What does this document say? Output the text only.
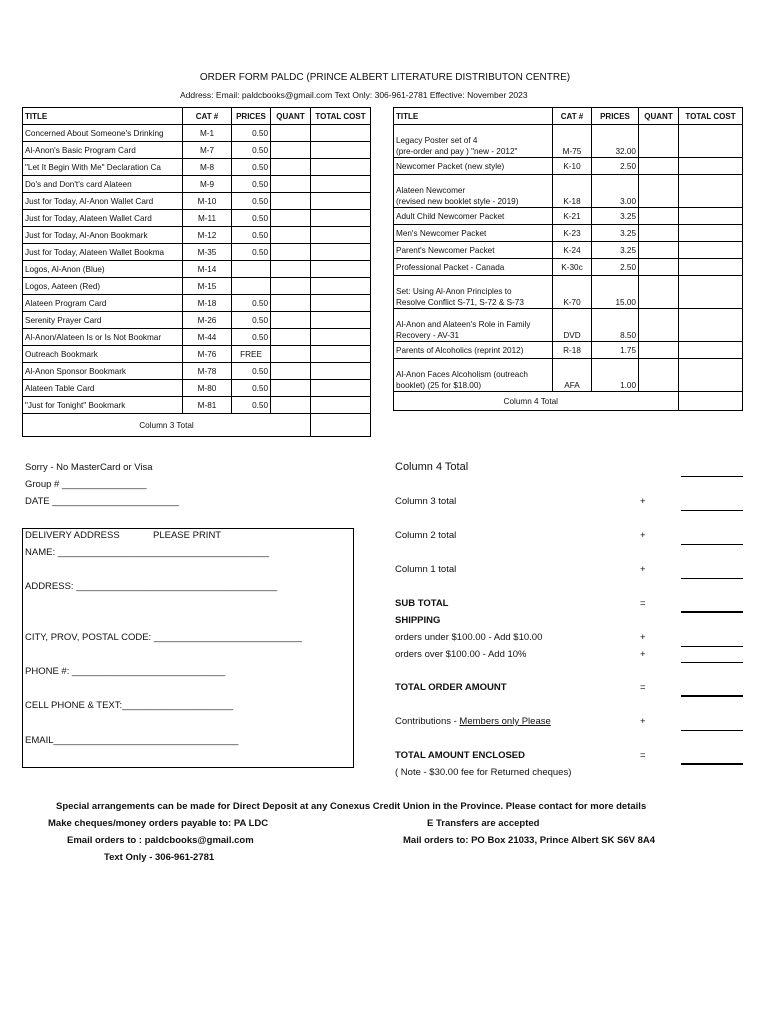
ORDER FORM PALDC (PRINCE ALBERT LITERATURE DISTRIBUTON CENTRE)
Address: Email: paldcbooks@gmail.com Text Only: 306-961-2781 Effective: November 2023
TITLE	CAT #	PRICES	QUANT	TOTAL COST
Concerned About Someone's Drinking	M-1	0.50		
Al-Anon's Basic Program Card	M-7	0.50		
"Let It Begin With Me" Declaration Ca	M-8	0.50		
Do's and Don't's card Alateen	M-9	0.50		
Just for Today, Al-Anon Wallet Card	M-10	0.50		
Just for Today, Alateen Wallet Card	M-11	0.50		
Just for Today, Al-Anon Bookmark	M-12	0.50		
Just for Today, Alateen Wallet Bookma	M-35	0.50		
Logos, Al-Anon (Blue)	M-14			
Logos, Aateen (Red)	M-15			
Alateen Program Card	M-18	0.50		
Serenity Prayer Card	M-26	0.50		
Al-Anon/Alateen Is or Is Not Bookmar	M-44	0.50		
Outreach Bookmark	M-76	FREE		
Al-Anon Sponsor Bookmark	M-78	0.50		
Alateen Table Card	M-80	0.50		
"Just for Tonight" Bookmark	M-81	0.50		
Column 3 Total				
TITLE	CAT #	PRICES	QUANT	TOTAL COST
Legacy Poster set of 4
(pre-order and pay ) "new - 2012"	M-75	32.00		
Newcomer Packet (new style)	K-10	2.50		
Alateen Newcomer
(revised new booklet style - 2019)	K-18	3.00		
Adult Child Newcomer Packet	K-21	3.25		
Men's Newcomer Packet	K-23	3.25		
Parent's Newcomer Packet	K-24	3.25		
Professional Packet - Canada	K-30c	2.50		
Set: Using Al-Anon Principles to
Resolve Conflict S-71, S-72 & S-73	K-70	15.00		
Al-Anon and Alateen's Role in Family
Recovery - AV-31	DVD	8.50		
Parents of Alcoholics (reprint 2012)	R-18	1.75		
Al-Anon Faces Alcoholism (outreach
booklet) (25 for $18.00)	AFA	1.00		
Column 4 Total				
Sorry - No MasterCard or Visa
Group # ________________
DATE ________________________
DELIVERY ADDRESS	PLEASE PRINT
NAME: ________________________________________
ADDRESS: ______________________________________
CITY, PROV, POSTAL CODE: ____________________________
PHONE #: _____________________________
CELL PHONE & TEXT:_____________________
EMAIL___________________________________
Column 4 Total
Column 3 total	+
Column 2 total	+
Column 1 total	+
SUB TOTAL	=
SHIPPING
orders under $100.00 - Add $10.00	+
orders over $100.00 - Add 10%	+
TOTAL ORDER AMOUNT	=
Contributions - Members only Please	+
TOTAL AMOUNT ENCLOSED	=
( Note - $30.00 fee for Returned cheques)
Special arrangements can be made for Direct Deposit at any Conexus Credit Union in the Province. Please contact for more details
Make cheques/money orders payable to: PA LDC	E Transfers are accepted
Email orders to : paldcbooks@gmail.com	Mail orders to: PO Box 21033, Prince Albert SK S6V 8A4
Text Only - 306-961-2781
